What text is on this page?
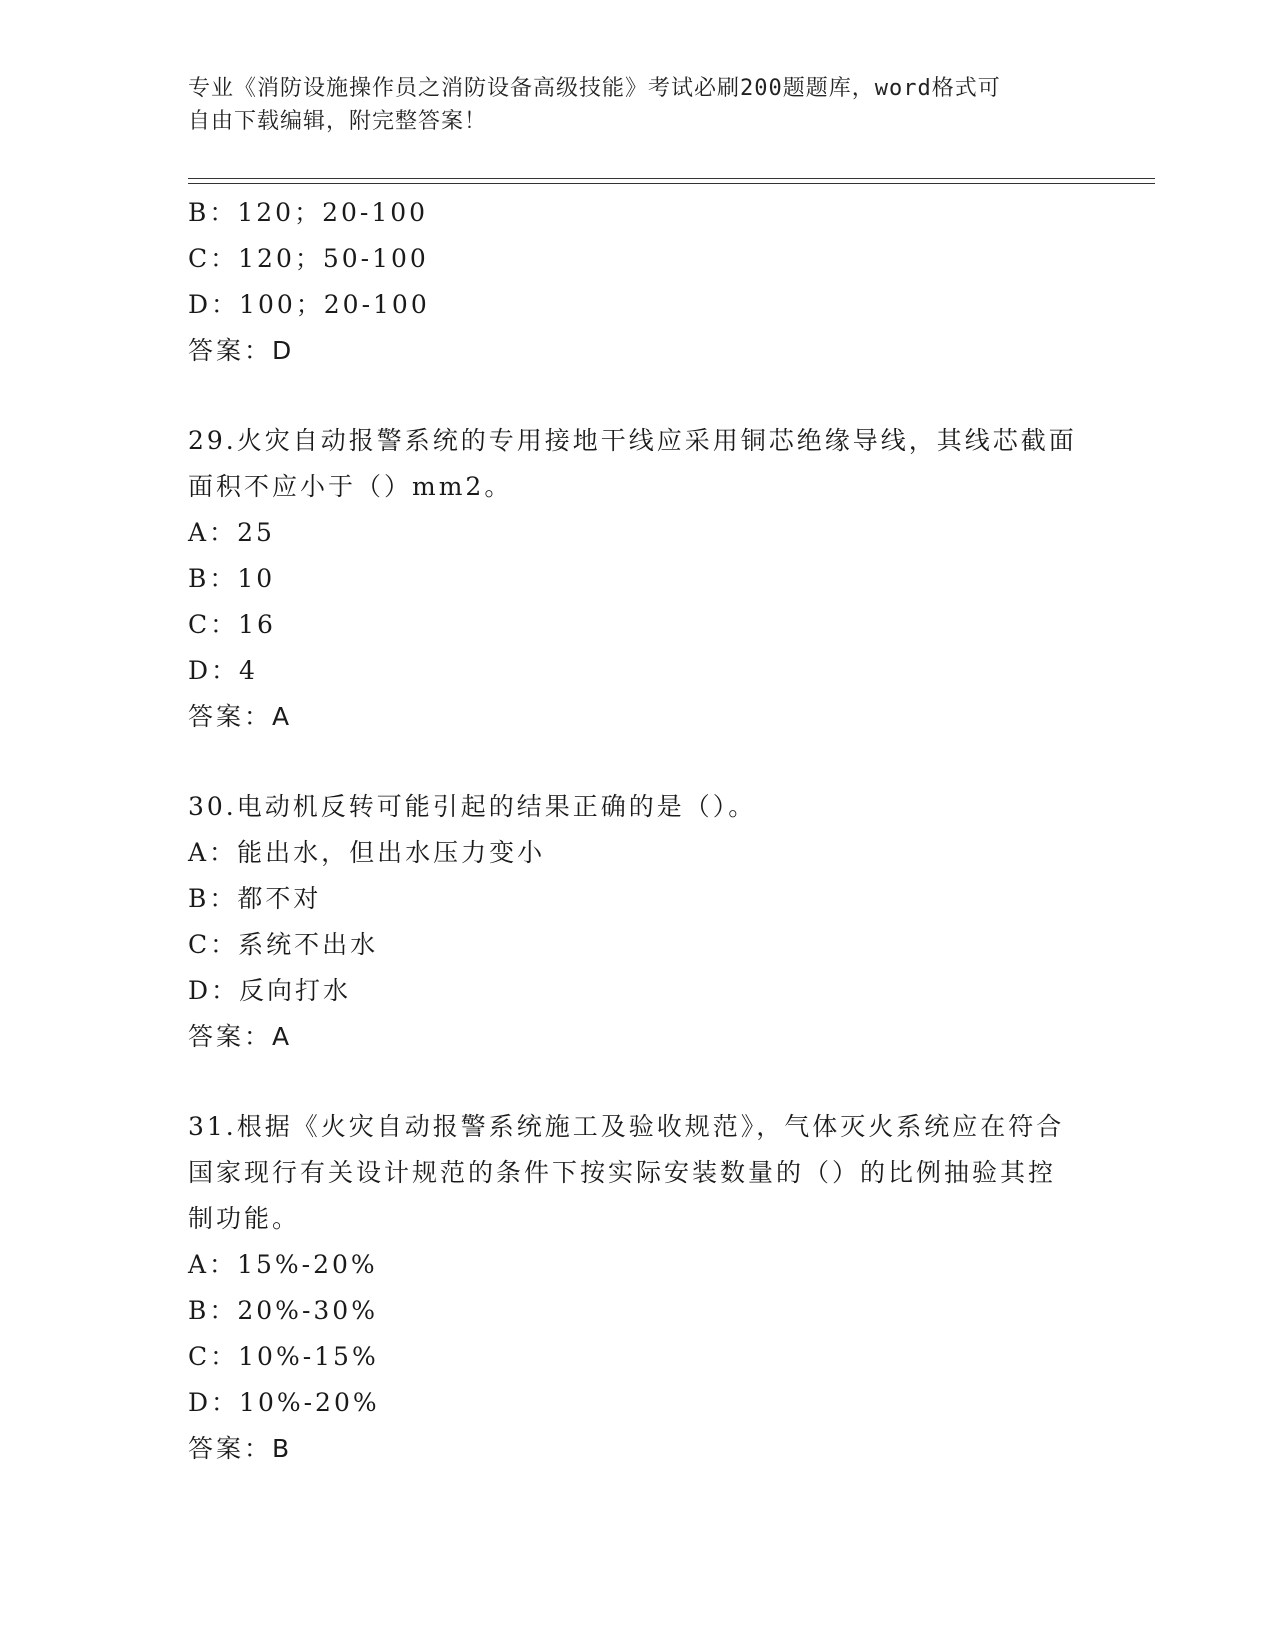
专业《消防设施操作员之消防设备高级技能》考试必刷200题题库，word格式可
自由下载编辑，附完整答案！
B：120；20-100
C：120；50-100
D：100；20-100
答案：D
29.火灾自动报警系统的专用接地干线应采用铜芯绝缘导线，其线芯截面面积不应小于（）mm2。
A：25
B：10
C：16
D：4
答案：A
30.电动机反转可能引起的结果正确的是（）。
A：能出水，但出水压力变小
B：都不对
C：系统不出水
D：反向打水
答案：A
31.根据《火灾自动报警系统施工及验收规范》，气体灭火系统应在符合国家现行有关设计规范的条件下按实际安装数量的（）的比例抽验其控制功能。
A：15%-20%
B：20%-30%
C：10%-15%
D：10%-20%
答案：B
